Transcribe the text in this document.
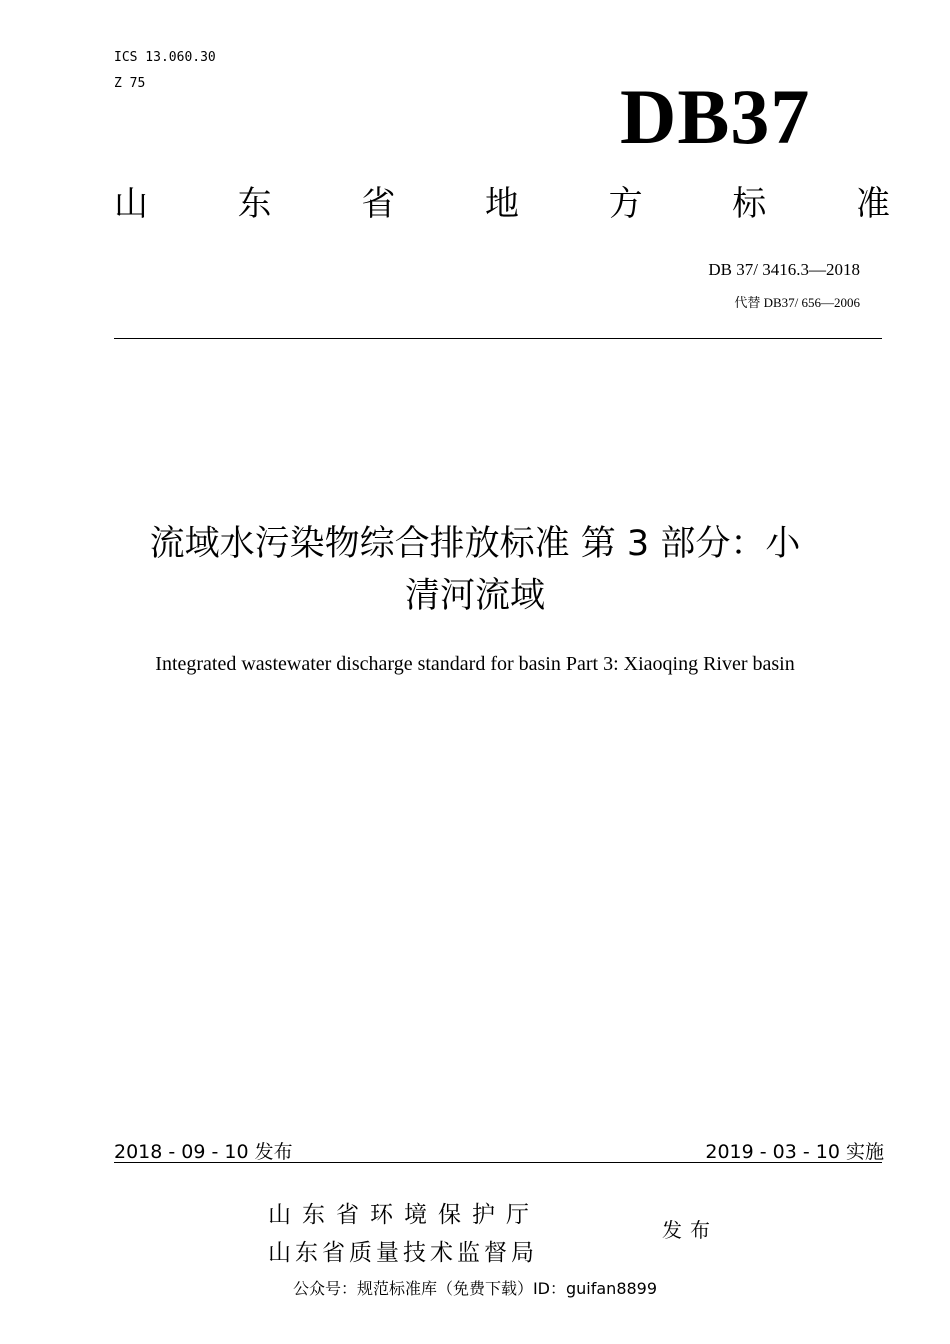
ICS 13.060.30
Z 75	DB37
山	东	省	地	方	标	准
DB 37/ 3416.3—2018
代替 DB37/ 656—2006
流域水污染物综合排放标准 第 3 部分：小
清河流域
Integrated wastewater discharge standard for basin Part 3: Xiaoqing River basin
2018 - 09 - 10 发布	2019 - 03 - 10 实施
山东省环境保护厅
山东省质量技术监督局
发布
公众号：规范标准库（免费下载）ID：guifan8899
